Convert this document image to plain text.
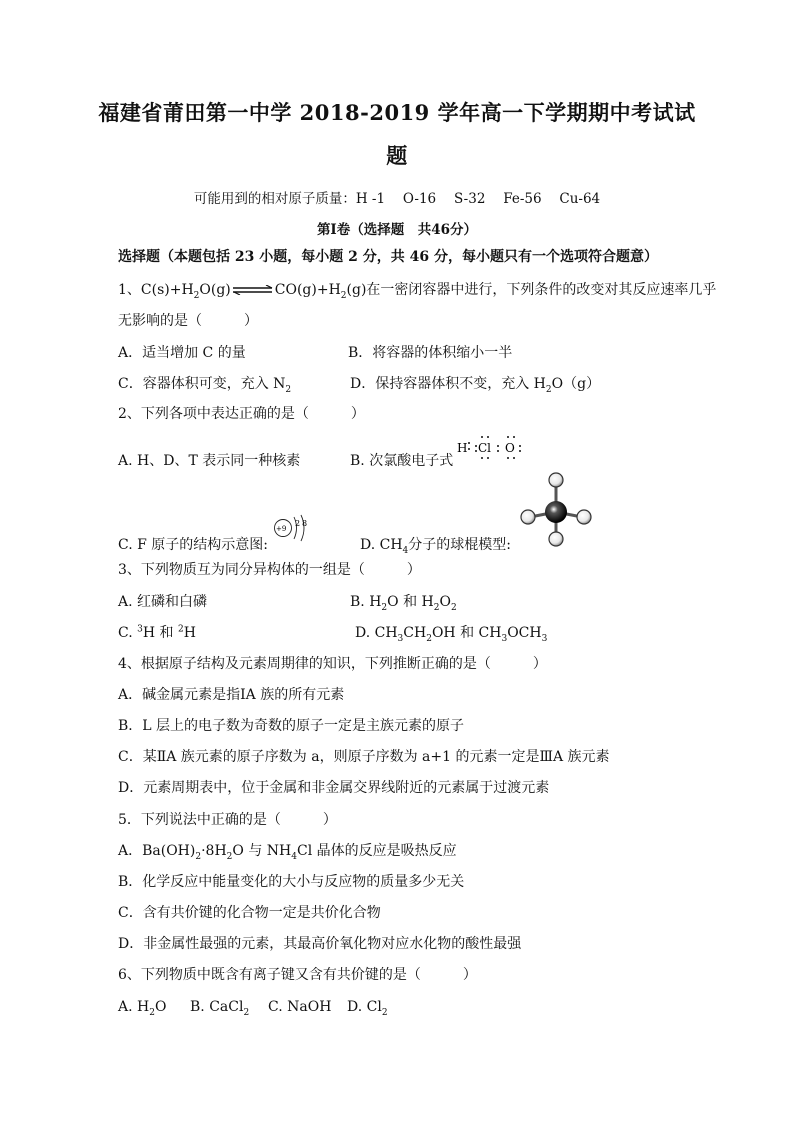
福建省莆田第一中学 2018-2019 学年高一下学期期中考试试
题
可能用到的相对原子质量：H -1　 O-16　 S-32　 Fe-56　 Cu-64
第Ⅰ卷（选择题　共46分）
选择题（本题包括 23 小题，每小题 2 分，共 46 分，每小题只有一个选项符合题意）
1、$C(s)+H_2O(g)\rightleftharpoons CO(g)+H_2(g)$在一密闭容器中进行，下列条件的改变对其反应速率几乎
无影响的是（　　　）
A．适当增加 C 的量	B．将容器的体积缩小一半
C．容器体积可变，充入 $N_2$	D．保持容器体积不变，充入 $H_2O(g)$
2、下列各项中表达正确的是（　　　）
A. H、D、T 表示同一种核素	B. 次氯酸电子式
H Cl O
+9
2 8
C. F 原子的结构示意图:	D. $CH_4$分子的球棍模型:
3、下列物质互为同分异构体的一组是（　　　）
A. 红磷和白磷	B. $H_2O$ 和 $H_2O_2$
C. $^3$H 和 $^2$H	D. $CH_3CH_2OH$ 和 $CH_3OCH_3$
4、根据原子结构及元素周期律的知识，下列推断正确的是（　　　）
A．碱金属元素是指ⅠA 族的所有元素
B．L 层上的电子数为奇数的原子一定是主族元素的原子
C．某ⅡA 族元素的原子序数为 a，则原子序数为 a+1 的元素一定是ⅢA 族元素
D．元素周期表中，位于金属和非金属交界线附近的元素属于过渡元素
5．下列说法中正确的是（　　　）
A．$Ba(OH)_2\cdot 8H_2O$ 与 $NH_4Cl$ 晶体的反应是吸热反应
B．化学反应中能量变化的大小与反应物的质量多少无关
C．含有共价键的化合物一定是共价化合物
D．非金属性最强的元素，其最高价氧化物对应水化物的酸性最强
6、下列物质中既含有离子键又含有共价键的是（　　　）
A. $H_2O$ B. CaCl$_2$ C. NaOH D. $Cl_2$
